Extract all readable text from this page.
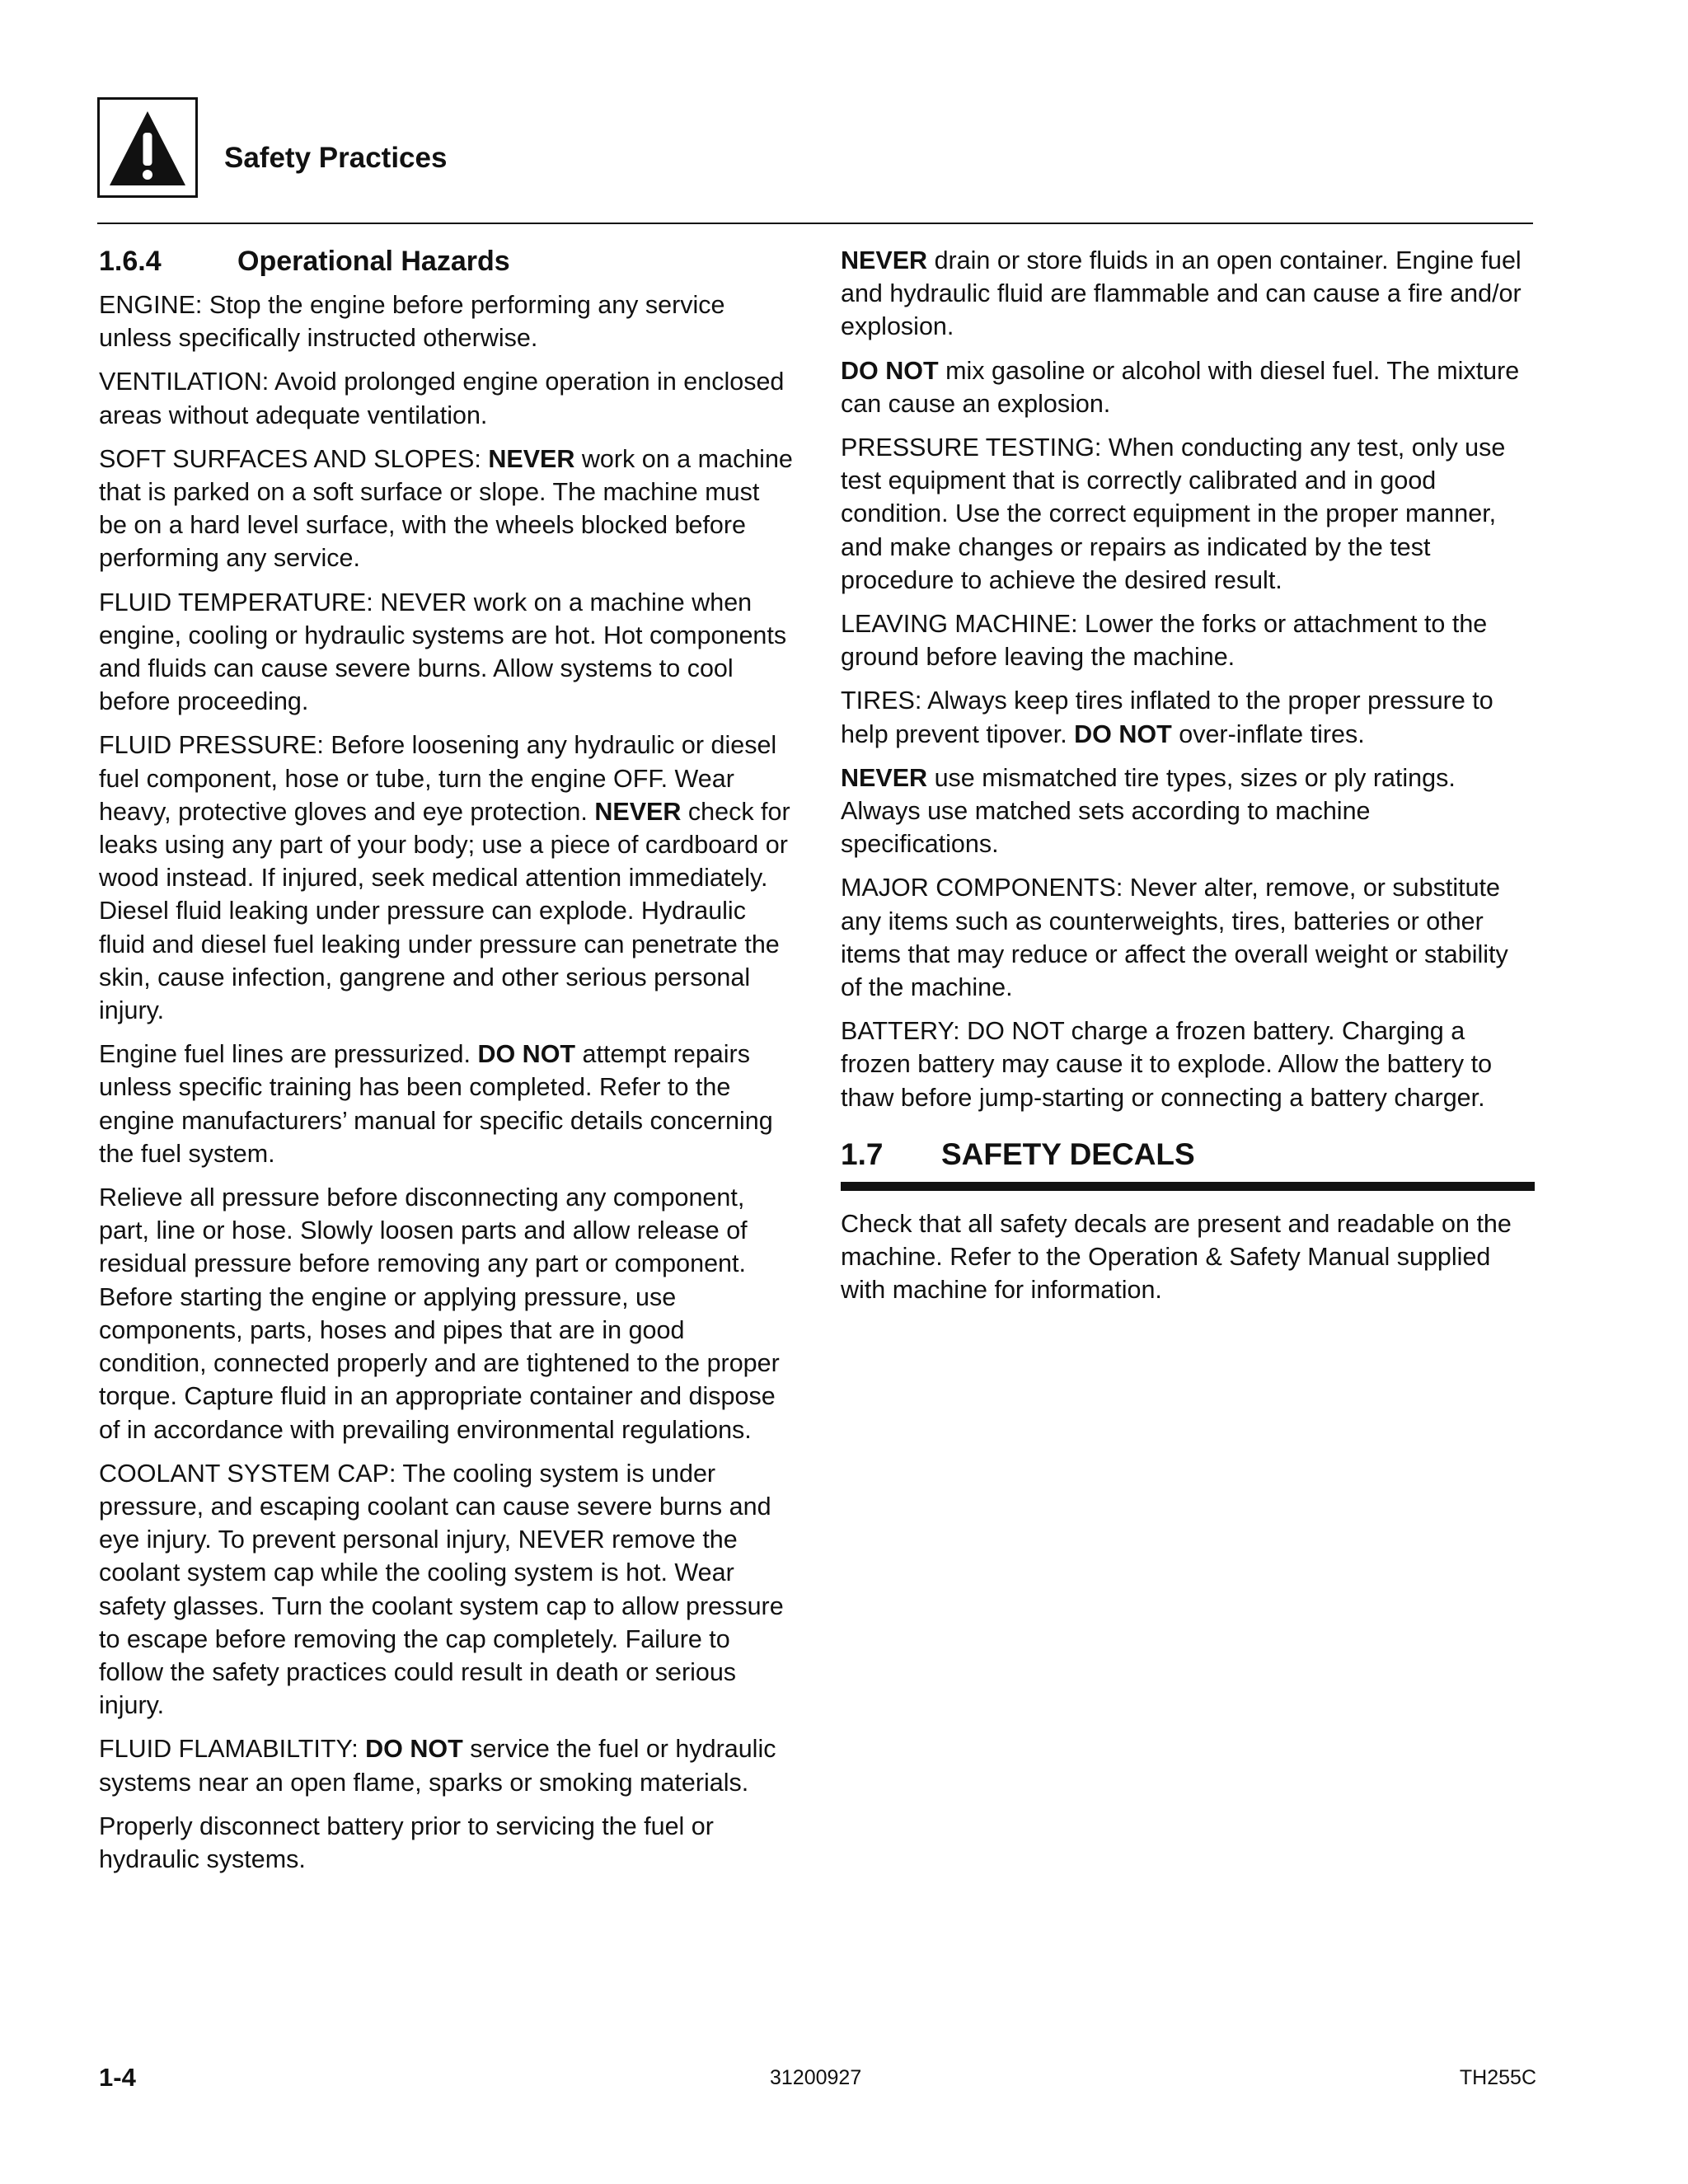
Safety Practices
1.6.4	Operational Hazards

ENGINE: Stop the engine before performing any service unless specifically instructed otherwise.

VENTILATION: Avoid prolonged engine operation in enclosed areas without adequate ventilation.

SOFT SURFACES AND SLOPES: NEVER work on a machine that is parked on a soft surface or slope. The machine must be on a hard level surface, with the wheels blocked before performing any service.

FLUID TEMPERATURE: NEVER work on a machine when engine, cooling or hydraulic systems are hot. Hot components and fluids can cause severe burns. Allow systems to cool before proceeding.

FLUID PRESSURE: Before loosening any hydraulic or diesel fuel component, hose or tube, turn the engine OFF. Wear heavy, protective gloves and eye protection. NEVER check for leaks using any part of your body; use a piece of cardboard or wood instead. If injured, seek medical attention immediately. Diesel fluid leaking under pressure can explode. Hydraulic fluid and diesel fuel leaking under pressure can penetrate the skin, cause infection, gangrene and other serious personal injury.

Engine fuel lines are pressurized. DO NOT attempt repairs unless specific training has been completed. Refer to the engine manufacturers’ manual for specific details concerning the fuel system.

Relieve all pressure before disconnecting any component, part, line or hose. Slowly loosen parts and allow release of residual pressure before removing any part or component. Before starting the engine or applying pressure, use components, parts, hoses and pipes that are in good condition, connected properly and are tightened to the proper torque. Capture fluid in an appropriate container and dispose of in accordance with prevailing environmental regulations.

COOLANT SYSTEM CAP: The cooling system is under pressure, and escaping coolant can cause severe burns and eye injury. To prevent personal injury, NEVER remove the coolant system cap while the cooling system is hot. Wear safety glasses. Turn the coolant system cap to allow pressure to escape before removing the cap completely. Failure to follow the safety practices could result in death or serious injury.

FLUID FLAMABILTITY: DO NOT service the fuel or hydraulic systems near an open flame, sparks or smoking materials.

Properly disconnect battery prior to servicing the fuel or hydraulic systems.

NEVER drain or store fluids in an open container. Engine fuel and hydraulic fluid are flammable and can cause a fire and/or explosion.

DO NOT mix gasoline or alcohol with diesel fuel. The mixture can cause an explosion.

PRESSURE TESTING: When conducting any test, only use test equipment that is correctly calibrated and in good condition. Use the correct equipment in the proper manner, and make changes or repairs as indicated by the test procedure to achieve the desired result.

LEAVING MACHINE: Lower the forks or attachment to the ground before leaving the machine.

TIRES: Always keep tires inflated to the proper pressure to help prevent tipover. DO NOT over-inflate tires.

NEVER use mismatched tire types, sizes or ply ratings. Always use matched sets according to machine specifications.

MAJOR COMPONENTS: Never alter, remove, or substitute any items such as counterweights, tires, batteries or other items that may reduce or affect the overall weight or stability of the machine.

BATTERY: DO NOT charge a frozen battery. Charging a frozen battery may cause it to explode. Allow the battery to thaw before jump-starting or connecting a battery charger.

1.7	SAFETY DECALS

Check that all safety decals are present and readable on the machine. Refer to the Operation & Safety Manual supplied with machine for information.

1-4	31200927	TH255C
